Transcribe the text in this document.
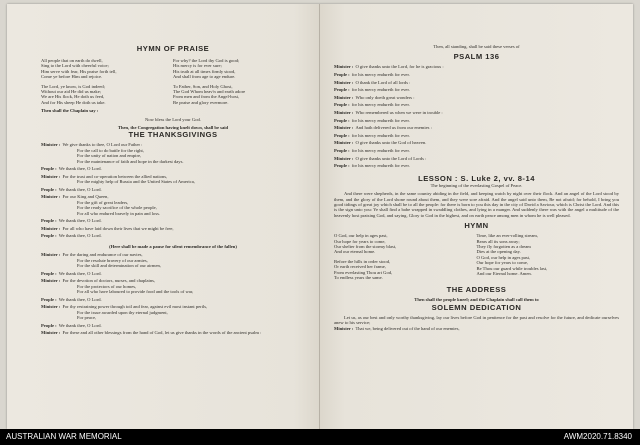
HYMN OF PRAISE
All people that on earth do dwell,
Sing to the Lord with cheerful voice;
Him serve with fear, His praise forth tell,
Come ye before Him and rejoice.
The Lord, ye know, is God indeed;
Without our aid He did us make;
We are His flock, He doth us feed,
And for His sheep He doth us take.
For why? the Lord thy God is good;
His mercy is for ever sure;
His truth at all times firmly stood,
And shall from age to age endure.
To Father, Son, and Holy Ghost,
The God Whom heav'n and earth adore
From men and from the Angel-host,
Be praise and glory evermore.
Then shall the Chaplain say :
Now bless the Lord your God.
Then, the Congregation having knelt down, shall be said
THE THANKSGIVINGS
Minister : We give thanks to thee, O Lord our Father :
For the call to do battle for the right,
For the unity of nation and empire,
For the maintenance of faith and hope in the darkest days.
People : We thank thee, O Lord.
Minister : For the trust and co-operation between the allied nations,
For the mighty help of Russia and the United States of America,
People : We thank thee, O Lord.
Minister : For our King and Queen,
For the gift of great leaders,
For the ready sacrifice of the whole people,
For all who endured bravely in pain and loss.
People : We thank thee, O Lord.
Minister : For all who have laid down their lives that we might be free,
People : We thank thee, O Lord.
(Here shall be made a pause for silent remembrance of the fallen)
Minister : For the daring and endurance of our navies,
For the resolute bravery of our armies,
For the skill and determination of our airmen,
People : We thank thee, O Lord.
Minister : For the devotion of doctors, nurses, and chaplains,
For the protectors of our homes,
For all who have laboured to provide food and the tools of war,
People : We thank thee, O Lord.
Minister : For thy restraining power through toil and fear, against evil most instant perils,
For the issue awarded upon thy eternal judgment,
For peace,
People : We thank thee, O Lord.
Minister : For these and all other blessings from the hand of God, let us give thanks in the words of the ancient psalm :
Then, all standing, shall be said these verses of
PSALM 136
Minister : O give thanks unto the Lord, for he is gracious :
People : for his mercy endureth for ever.
Minister : O thank the Lord of all lords :
People : for his mercy endureth for ever.
Minister : Who only doeth great wonders :
People : for his mercy endureth for ever.
Minister : Who remembered us when we were in trouble :
People : for his mercy endureth for ever.
Minister : And hath delivered us from our enemies :
People : for his mercy endureth for ever.
Minister : O give thanks unto the God of heaven.
People : for his mercy endureth for ever.
Minister : O give thanks unto the Lord of Lords :
People : for his mercy endureth for ever.
LESSON : S. Luke 2, vv. 8-14
The beginning of the everlasting Gospel of Peace.
And there were shepherds, in the same country abiding in the field, and keeping watch by night over their flock. And an angel of the Lord stood by them, and the glory of the Lord shone round about them, and they were sore afraid. And the angel said unto them, Be not afraid; for behold, I bring you good tidings of great joy which shall be to all the people: for there is born to you this day in the city of David a Saviour, which is Christ the Lord. And this is the sign unto you: Ye shall find a babe wrapped in swaddling clothes, and lying in a manger. And suddenly there was with the angel a multitude of the heavenly host praising God, and saying, Glory to God in the highest, and on earth peace among men in whom he is well pleased.
HYMN
O God, our help in ages past,
Our hope for years to come,
Our shelter from the stormy blast,
And our eternal home.
Before the hills in order stood,
Or earth received her frame,
From everlasting Thou art God,
To endless years the same.
Time, like an ever-rolling stream,
Bears all its sons away;
They fly forgotten as a dream
Dies at the opening day.
O God, our help in ages past,
Our hope for years to come,
Be Thou our guard while troubles last,
And our Eternal home. Amen.
THE ADDRESS
Then shall the people kneel; and the Chaplain shall call them to
SOLEMN DEDICATION
Let us, as our best and only worthy thanksgiving, lay our lives before God in penitence for the past and resolve for the future, and dedicate ourselves anew to his service;
Minister : That we, being delivered out of the hand of our enemies,
AUSTRALIAN WAR MEMORIAL	AWM2020.71.8340
